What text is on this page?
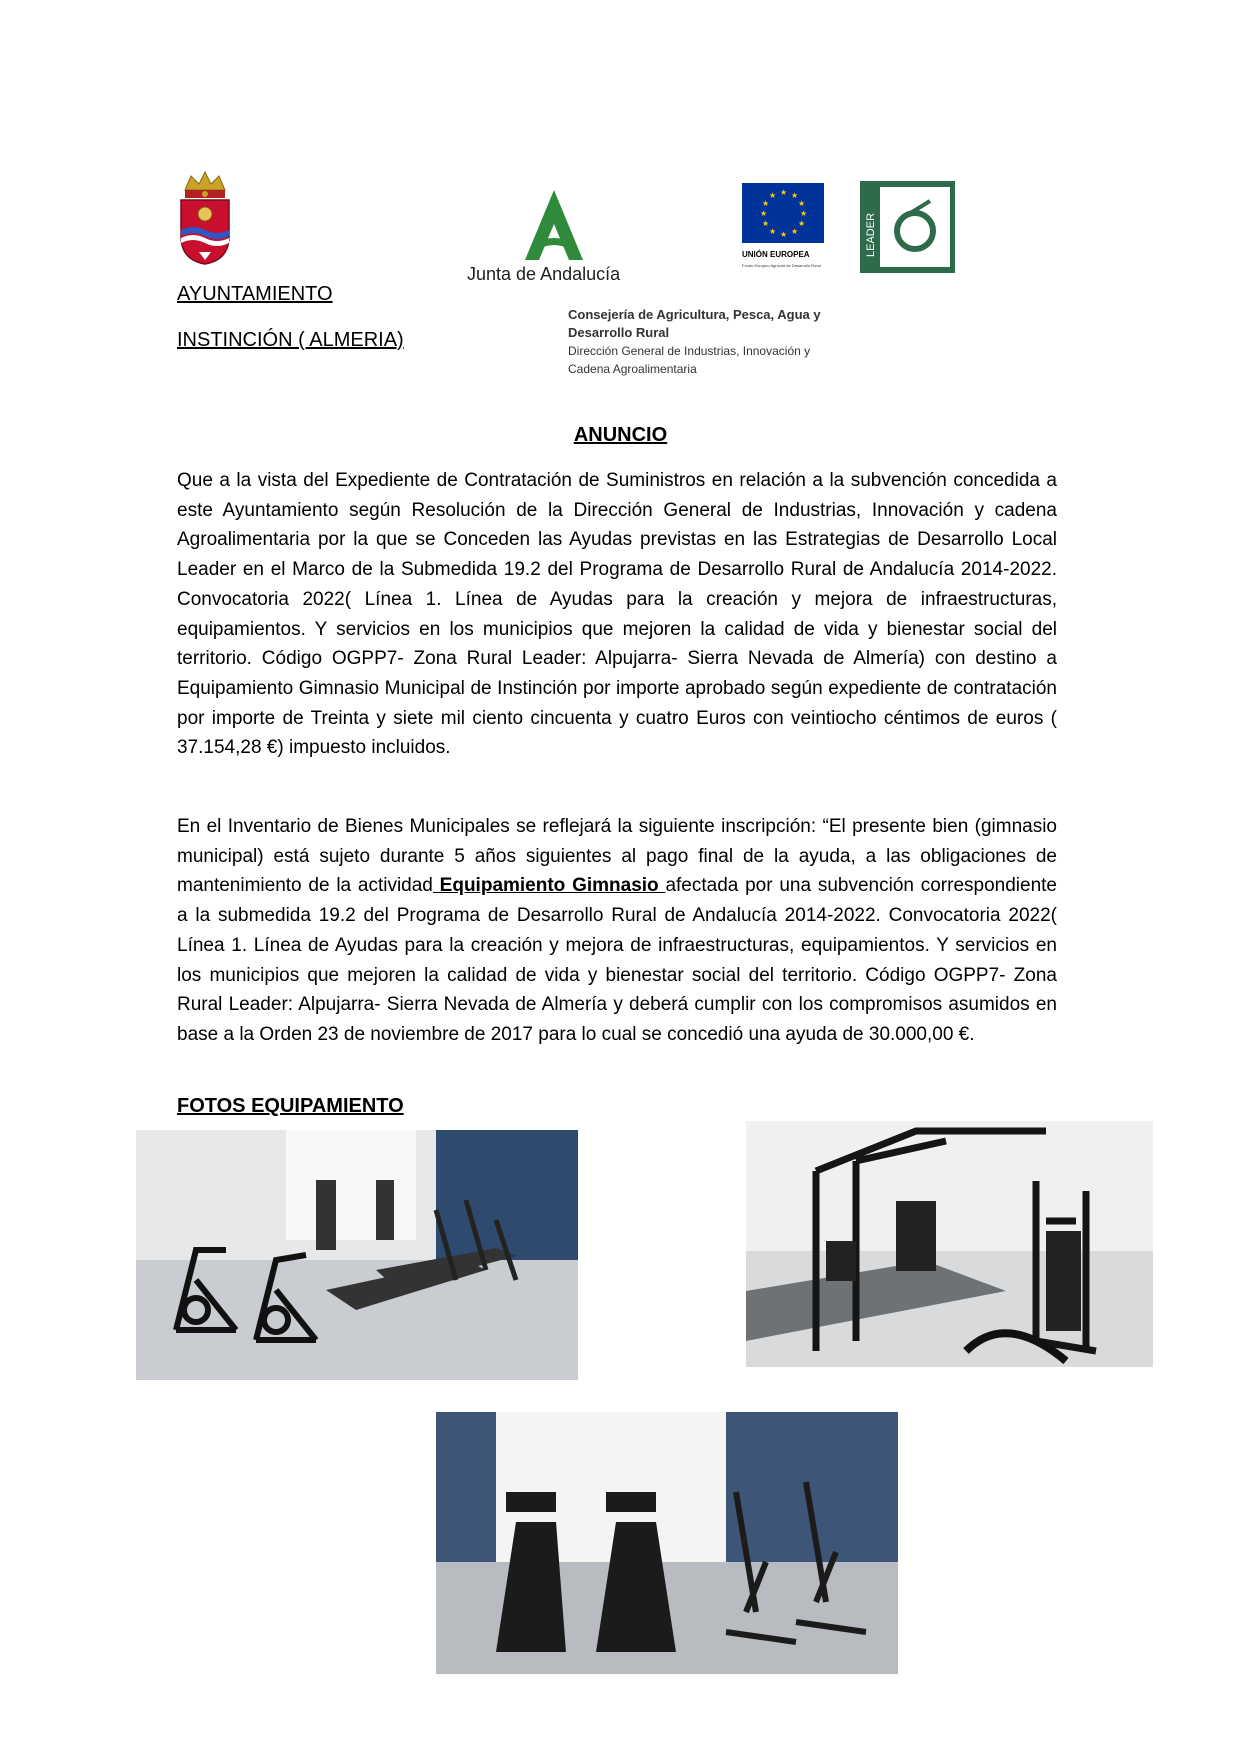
AYUNTAMIENTO

INSTINCIÓN ( ALMERIA)

Junta de Andalucía
★ ★
★
★
★
★
★
★
★
★
★
★
UNIÓN EUROPEA
Fondo Europeo Agrícola de Desarrollo Rural
LEADER
Consejería de Agricultura, Pesca, Agua y
Desarrollo Rural
Dirección General de Industrias, Innovación y
Cadena Agroalimentaria
ANUNCIO

Que a la vista del Expediente de Contratación de Suministros en relación a la subvención concedida a este Ayuntamiento según Resolución de la Dirección General de Industrias, Innovación y cadena Agroalimentaria por la que se Conceden las Ayudas previstas en las Estrategias de Desarrollo Local Leader en el Marco de la Submedida 19.2 del Programa de Desarrollo Rural de Andalucía 2014-2022. Convocatoria 2022( Línea 1. Línea de Ayudas para la creación y mejora de infraestructuras, equipamientos. Y servicios en los municipios que mejoren la calidad de vida y bienestar social del territorio. Código OGPP7- Zona Rural Leader: Alpujarra- Sierra Nevada de Almería) con destino a Equipamiento Gimnasio Municipal de Instinción por importe aprobado según expediente de contratación por importe de Treinta y siete mil ciento cincuenta y cuatro Euros con veintiocho céntimos de euros ( 37.154,28 €) impuesto incluidos.

En el Inventario de Bienes Municipales se reflejará la siguiente inscripción: “El presente bien (gimnasio municipal) está sujeto durante 5 años siguientes al pago final de la ayuda, a las obligaciones de mantenimiento de la actividad Equipamiento Gimnasio afectada por una subvención correspondiente a la submedida 19.2 del Programa de Desarrollo Rural de Andalucía 2014-2022. Convocatoria 2022( Línea 1. Línea de Ayudas para la creación y mejora de infraestructuras, equipamientos. Y servicios en los municipios que mejoren la calidad de vida y bienestar social del territorio. Código OGPP7- Zona Rural Leader: Alpujarra- Sierra Nevada de Almería y deberá cumplir con los compromisos asumidos en base a la Orden 23 de noviembre de 2017 para lo cual se concedió una ayuda de 30.000,00 €.

FOTOS EQUIPAMIENTO
